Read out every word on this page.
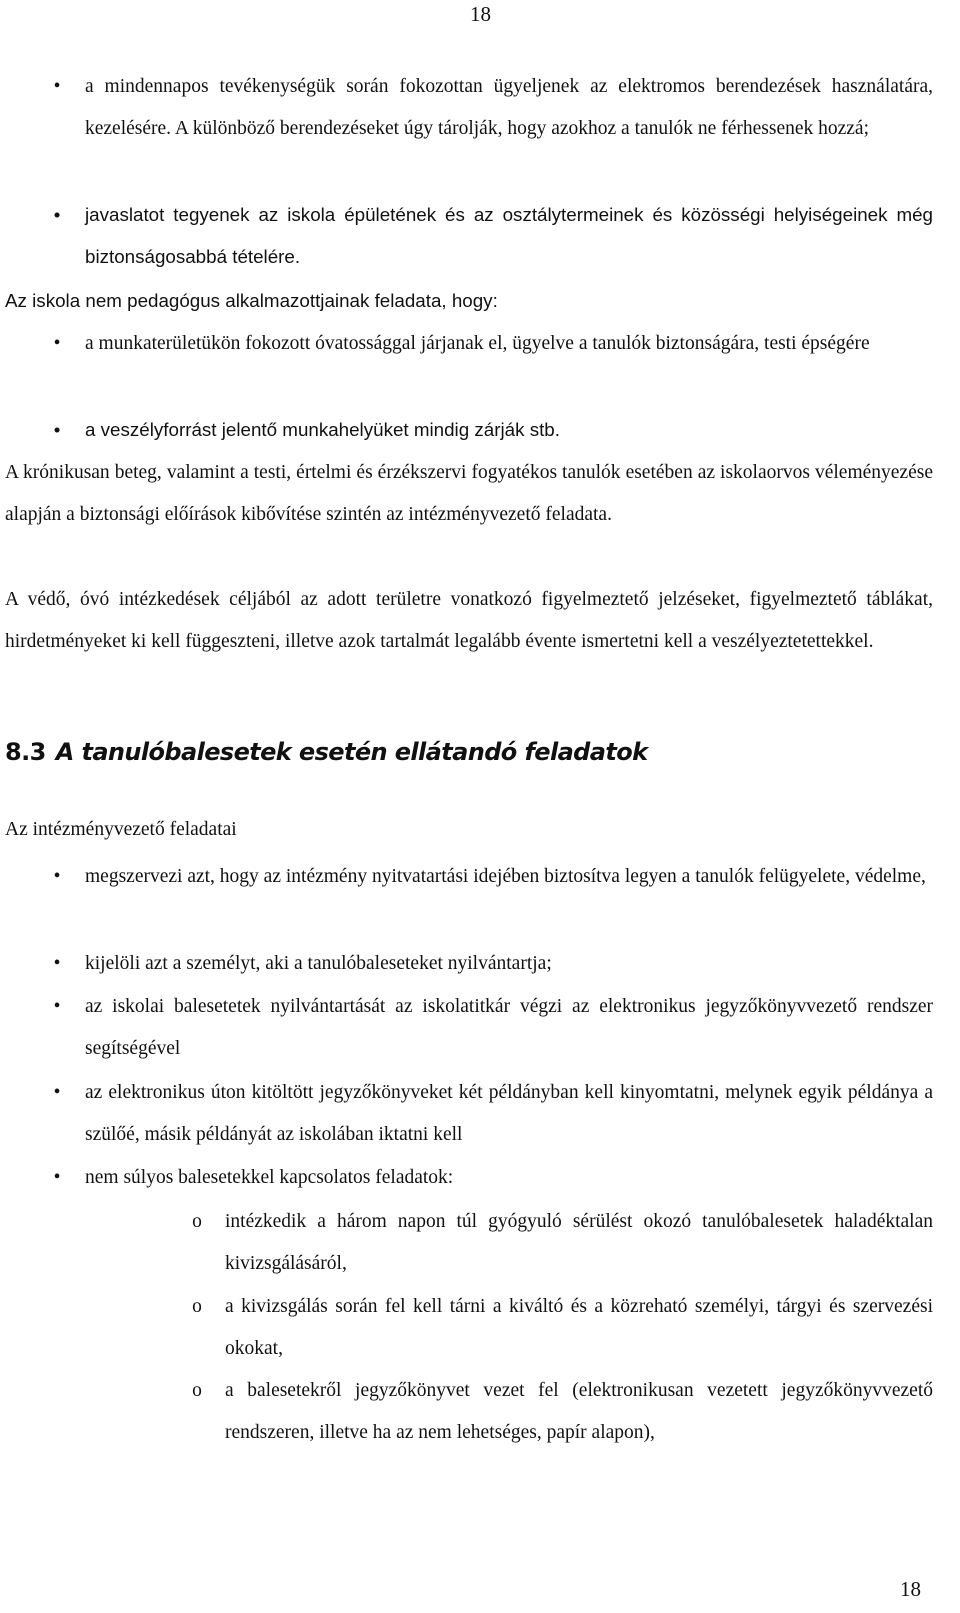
18

• a mindennapos tevékenységük során fokozottan ügyeljenek az elektromos berendezések használatára, kezelésére. A különböző berendezéseket úgy tárolják, hogy azokhoz a tanulók ne férhessenek hozzá;

•	javaslatot tegyenek az iskola épületének és az osztálytermeinek és közösségi helyiségeinek még biztonságosabbá tételére.

Az iskola nem pedagógus alkalmazottjainak feladata, hogy:

• a munkaterületükön fokozott óvatossággal járjanak el, ügyelve a tanulók biztonságára, testi épségére

•	a veszélyforrást jelentő munkahelyüket mindig zárják stb.

A krónikusan beteg, valamint a testi, értelmi és érzékszervi fogyatékos tanulók esetében az iskolaorvos véleményezése alapján a biztonsági előírások kibővítése szintén az intézményvezető feladata.

A védő, óvó intézkedések céljából az adott területre vonatkozó figyelmeztető jelzéseket, figyelmeztető táblákat, hirdetményeket ki kell függeszteni, illetve azok tartalmát legalább évente ismertetni kell a veszélyeztetettekkel.

8.3 A tanulóbalesetek esetén ellátandó feladatok

Az intézményvezető feladatai

• megszervezi azt, hogy az intézmény nyitvatartási idejében biztosítva legyen a tanulók felügyelete, védelme,

• kijelöli azt a személyt, aki a tanulóbaleseteket nyilvántartja;

• az iskolai balesetetek nyilvántartását az iskolatitkár végzi az elektronikus jegyzőkönyvvezető rendszer segítségével

• az elektronikus úton kitöltött jegyzőkönyveket két példányban kell kinyomtatni, melynek egyik példánya a szülőé, másik példányát az iskolában iktatni kell

• nem súlyos balesetekkel kapcsolatos feladatok:

o intézkedik a három napon túl gyógyuló sérülést okozó tanulóbalesetek haladéktalan kivizsgálásáról,

o a kivizsgálás során fel kell tárni a kiváltó és a közreható személyi, tárgyi és szervezési okokat,

o a balesetekről jegyzőkönyvet vezet fel (elektronikusan vezetett jegyzőkönyvvezető rendszeren, illetve ha az nem lehetséges, papír alapon),

18
